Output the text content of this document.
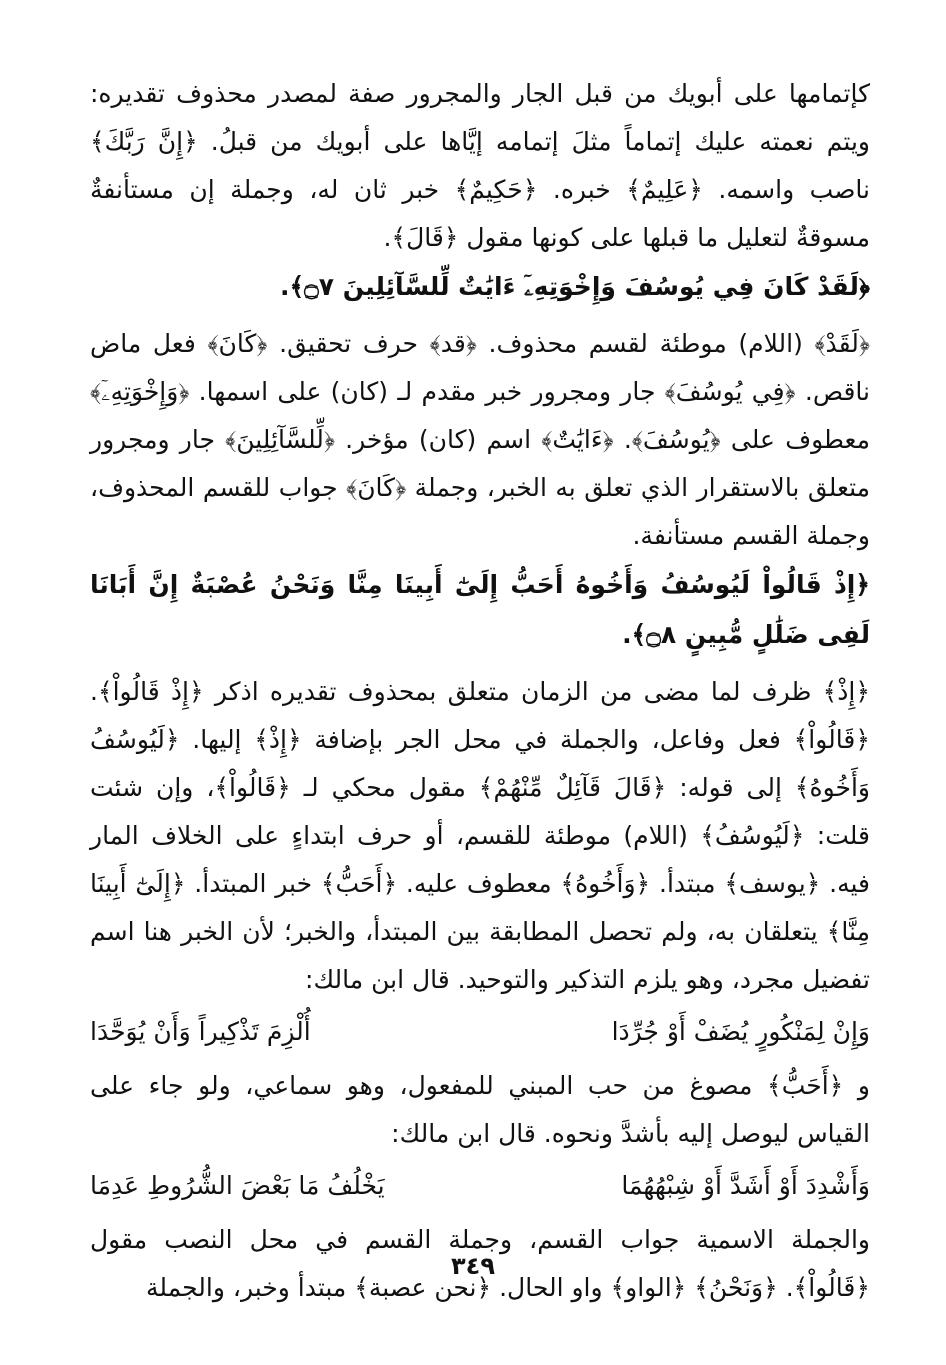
كإتمامها على أبويك من قبل الجار والمجرور صفة لمصدر محذوف تقديره: ويتم نعمته عليك إتماماً مثلَ إتمامه إيَّاها على أبويك من قبلُ. ﴿إِنَّ رَبَّكَ﴾ ناصب واسمه. ﴿عَلِيمٌ﴾ خبره. ﴿حَكِيمٌ﴾ خبر ثان له، وجملة إن مستأنفةٌ مسوقةٌ لتعليل ما قبلها على كونها مقول ﴿قَالَ﴾.

﴿لَقَدْ كَانَ فِي يُوسُفَ وَإِخْوَتِهِۦٓ ءَايَٰتٌ لِّلسَّآئِلِينَ ۝٧﴾.

﴿لَقَدْ﴾ (اللام) موطئة لقسم محذوف. ﴿قد﴾ حرف تحقيق. ﴿كَانَ﴾ فعل ماض ناقص. ﴿فِي يُوسُفَ﴾ جار ومجرور خبر مقدم لـ (كان) على اسمها. ﴿وَإِخْوَتِهِۦٓ﴾ معطوف على ﴿يُوسُفَ﴾. ﴿ءَايَٰتٌ﴾ اسم (كان) مؤخر. ﴿لِّلسَّآئِلِينَ﴾ جار ومجرور متعلق بالاستقرار الذي تعلق به الخبر، وجملة ﴿كَانَ﴾ جواب للقسم المحذوف، وجملة القسم مستأنفة.

﴿إِذْ قَالُواْ لَيُوسُفُ وَأَخُوهُ أَحَبُّ إِلَىٰٓ أَبِينَا مِنَّا وَنَحْنُ عُصْبَةٌ إِنَّ أَبَانَا لَفِى ضَلَٰلٍ مُّبِينٍ ۝٨﴾.

﴿إِذْ﴾ ظرف لما مضى من الزمان متعلق بمحذوف تقديره اذكر ﴿إِذْ قَالُواْ﴾. ﴿قَالُواْ﴾ فعل وفاعل، والجملة في محل الجر بإضافة ﴿إِذْ﴾ إليها. ﴿لَيُوسُفُ وَأَخُوهُ﴾ إلى قوله: ﴿قَالَ قَآئِلٌ مِّنْهُمْ﴾ مقول محكي لـ ﴿قَالُواْ﴾، وإن شئت قلت: ﴿لَيُوسُفُ﴾ (اللام) موطئة للقسم، أو حرف ابتداءٍ على الخلاف المار فيه. ﴿يوسف﴾ مبتدأ. ﴿وَأَخُوهُ﴾ معطوف عليه. ﴿أَحَبُّ﴾ خبر المبتدأ. ﴿إِلَىٰٓ أَبِينَا مِنَّا﴾ يتعلقان به، ولم تحصل المطابقة بين المبتدأ، والخبر؛ لأن الخبر هنا اسم تفضيل مجرد، وهو يلزم التذكير والتوحيد. قال ابن مالك:

وَإِنْ لِمَنْكُورٍ يُضَفْ أَوْ جُرِّدَا
أُلْزِمَ تَذْكِيراً وَأَنْ يُوَحَّدَا

و ﴿أَحَبُّ﴾ مصوغ من حب المبني للمفعول، وهو سماعي، ولو جاء على القياس ليوصل إليه بأشدَّ ونحوه. قال ابن مالك:

وَأَشْدِدَ أَوْ أَشَدَّ أَوْ شِبْهُهُمَا
يَخْلُفُ مَا بَعْضَ الشُّرُوطِ عَدِمَا

والجملة الاسمية جواب القسم، وجملة القسم في محل النصب مقول ﴿قَالُواْ﴾. ﴿وَنَحْنُ﴾ ﴿الواو﴾ واو الحال. ﴿نحن عصبة﴾ مبتدأ وخبر، والجملة

٣٤٩
